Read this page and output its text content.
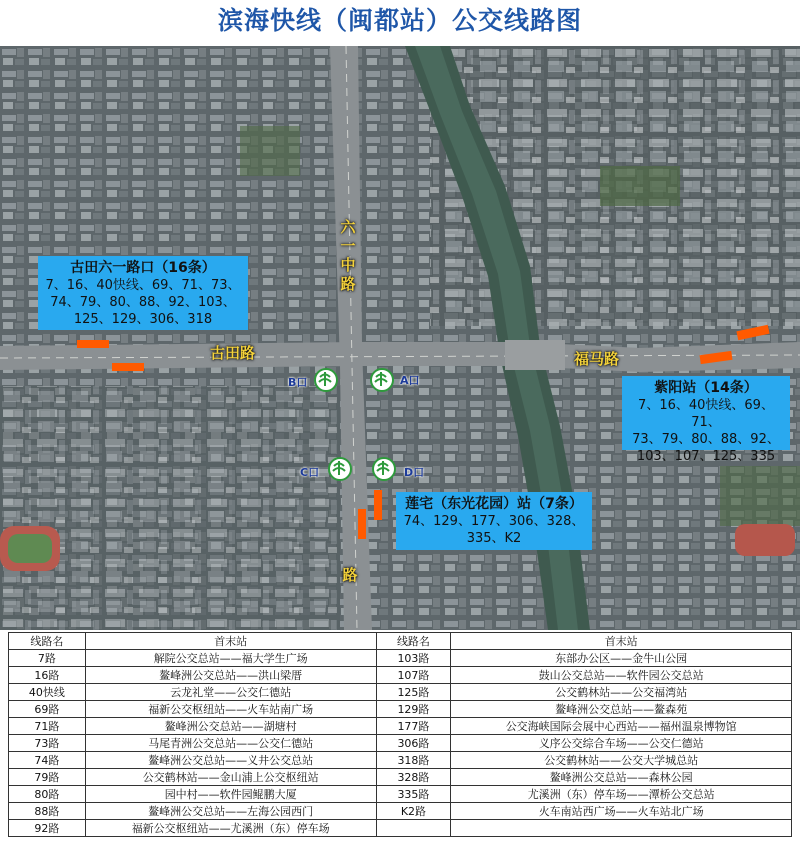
滨海快线（闽都站）公交线路图
古田六一路口（16条）
7、16、40快线、69、71、73、
74、79、80、88、92、103、
125、129、306、318
紫阳站（14条）
7、16、40快线、69、71、
73、79、80、88、92、
103、107、125、335
莲宅（东光花园）站（7条）
74、129、177、306、328、
335、K2
六一中路
路
古田路	福马路
B口	A口
C口	D口
线路名	首末站	线路名	首末站
7路	解院公交总站——福大学生广场	103路	东部办公区——金牛山公园
16路	鳌峰洲公交总站——洪山梁厝	107路	鼓山公交总站——软件园公交总站
40快线	云龙礼堂——公交仁德站	125路	公交鹤林站——公交福湾站
69路	福新公交枢纽站——火车站南广场	129路	鳌峰洲公交总站——鳌森苑
71路	鳌峰洲公交总站——湖塘村	177路	公交海峡国际会展中心西站——福州温泉博物馆
73路	马尾青洲公交总站——公交仁德站	306路	义序公交综合车场——公交仁德站
74路	鳌峰洲公交总站——义井公交总站	318路	公交鹤林站——公交大学城总站
79路	公交鹤林站——金山浦上公交枢纽站	328路	鳌峰洲公交总站——森林公园
80路	园中村——软件园鲲鹏大厦	335路	尤溪洲（东）停车场——潭桥公交总站
88路	鳌峰洲公交总站——左海公园西门	K2路	火车南站西广场——火车站北广场
92路	福新公交枢纽站——尤溪洲（东）停车场		
